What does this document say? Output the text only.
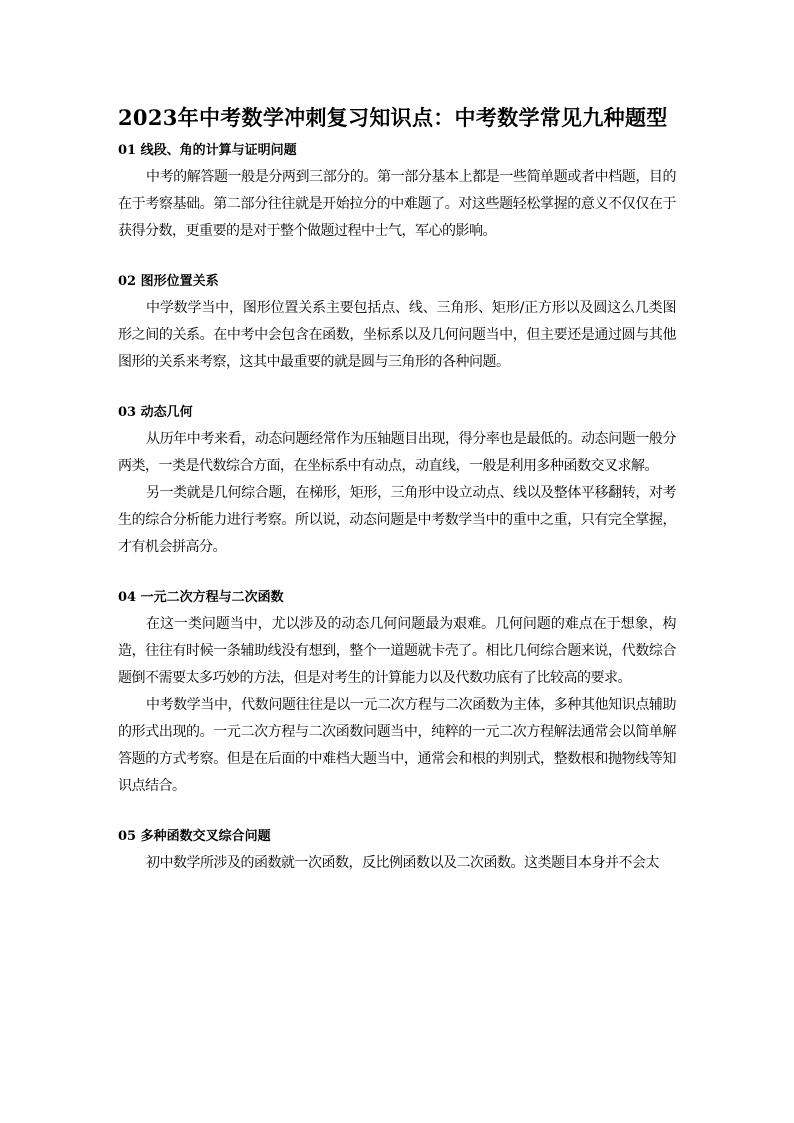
2023年中考数学冲刺复习知识点：中考数学常见九种题型
01 线段、角的计算与证明问题

中考的解答题一般是分两到三部分的。第一部分基本上都是一些简单题或者中档题，目的在于考察基础。第二部分往往就是开始拉分的中难题了。对这些题轻松掌握的意义不仅仅在于获得分数，更重要的是对于整个做题过程中士气，军心的影响。

02 图形位置关系

中学数学当中，图形位置关系主要包括点、线、三角形、矩形/正方形以及圆这么几类图形之间的关系。在中考中会包含在函数，坐标系以及几何问题当中，但主要还是通过圆与其他图形的关系来考察，这其中最重要的就是圆与三角形的各种问题。

03 动态几何

从历年中考来看，动态问题经常作为压轴题目出现，得分率也是最低的。动态问题一般分两类，一类是代数综合方面，在坐标系中有动点，动直线，一般是利用多种函数交叉求解。

另一类就是几何综合题，在梯形，矩形，三角形中设立动点、线以及整体平移翻转，对考生的综合分析能力进行考察。所以说，动态问题是中考数学当中的重中之重，只有完全掌握，才有机会拼高分。

04 一元二次方程与二次函数

在这一类问题当中，尤以涉及的动态几何问题最为艰难。几何问题的难点在于想象，构造，往往有时候一条辅助线没有想到，整个一道题就卡壳了。相比几何综合题来说，代数综合题倒不需要太多巧妙的方法，但是对考生的计算能力以及代数功底有了比较高的要求。

中考数学当中，代数问题往往是以一元二次方程与二次函数为主体，多种其他知识点辅助的形式出现的。一元二次方程与二次函数问题当中，纯粹的一元二次方程解法通常会以简单解答题的方式考察。但是在后面的中难档大题当中，通常会和根的判别式，整数根和抛物线等知识点结合。

05 多种函数交叉综合问题

初中数学所涉及的函数就一次函数，反比例函数以及二次函数。这类题目本身并不会太
